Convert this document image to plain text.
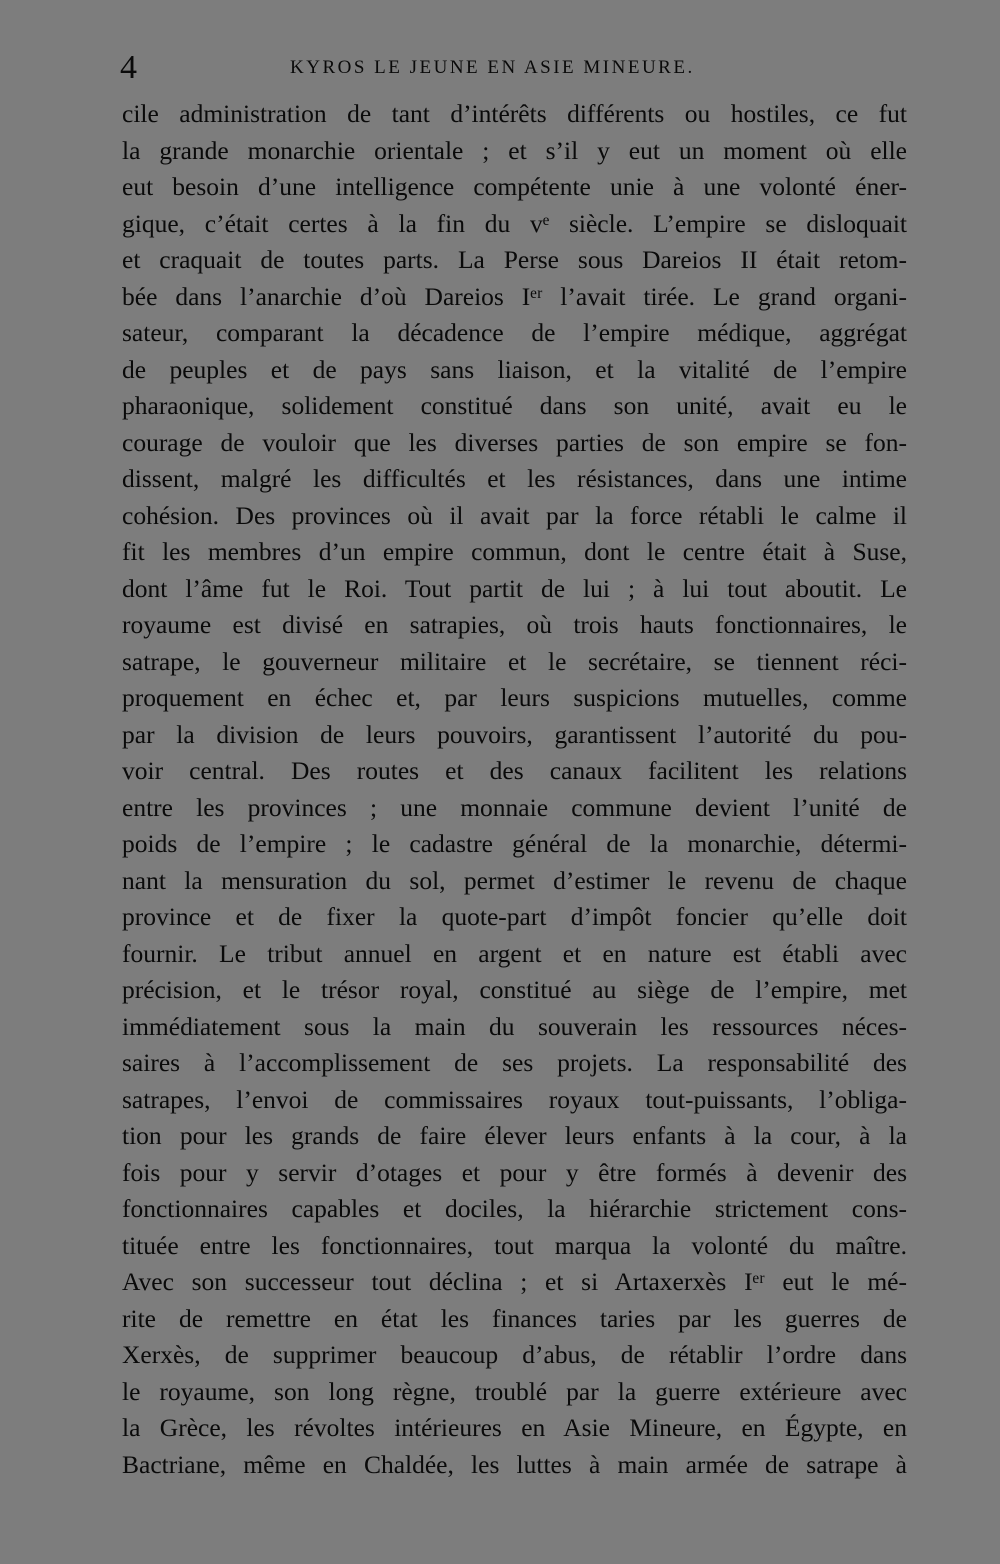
4	KYROS LE JEUNE EN ASIE MINEURE.
cile administration de tant d’intérêts différents ou hostiles, ce fut
la grande monarchie orientale ; et s’il y eut un moment où elle
eut besoin d’une intelligence compétente unie à une volonté éner-
gique, c’était certes à la fin du vᵉ siècle. L’empire se disloquait
et craquait de toutes parts. La Perse sous Dareios II était retom-
bée dans l’anarchie d’où Dareios Iᵉʳ l’avait tirée. Le grand organi-
sateur, comparant la décadence de l’empire médique, aggrégat
de peuples et de pays sans liaison, et la vitalité de l’empire
pharaonique, solidement constitué dans son unité, avait eu le
courage de vouloir que les diverses parties de son empire se fon-
dissent, malgré les difficultés et les résistances, dans une intime
cohésion. Des provinces où il avait par la force rétabli le calme il
fit les membres d’un empire commun, dont le centre était à Suse,
dont l’âme fut le Roi. Tout partit de lui ; à lui tout aboutit. Le
royaume est divisé en satrapies, où trois hauts fonctionnaires, le
satrape, le gouverneur militaire et le secrétaire, se tiennent réci-
proquement en échec et, par leurs suspicions mutuelles, comme
par la division de leurs pouvoirs, garantissent l’autorité du pou-
voir central. Des routes et des canaux facilitent les relations
entre les provinces ; une monnaie commune devient l’unité de
poids de l’empire ; le cadastre général de la monarchie, détermi-
nant la mensuration du sol, permet d’estimer le revenu de chaque
province et de fixer la quote-part d’impôt foncier qu’elle doit
fournir. Le tribut annuel en argent et en nature est établi avec
précision, et le trésor royal, constitué au siège de l’empire, met
immédiatement sous la main du souverain les ressources néces-
saires à l’accomplissement de ses projets. La responsabilité des
satrapes, l’envoi de commissaires royaux tout-puissants, l’obliga-
tion pour les grands de faire élever leurs enfants à la cour, à la
fois pour y servir d’otages et pour y être formés à devenir des
fonctionnaires capables et dociles, la hiérarchie strictement cons-
tituée entre les fonctionnaires, tout marqua la volonté du maître.
Avec son successeur tout déclina ; et si Artaxerxès Iᵉʳ eut le mé-
rite de remettre en état les finances taries par les guerres de
Xerxès, de supprimer beaucoup d’abus, de rétablir l’ordre dans
le royaume, son long règne, troublé par la guerre extérieure avec
la Grèce, les révoltes intérieures en Asie Mineure, en Égypte, en
Bactriane, même en Chaldée, les luttes à main armée de satrape à
